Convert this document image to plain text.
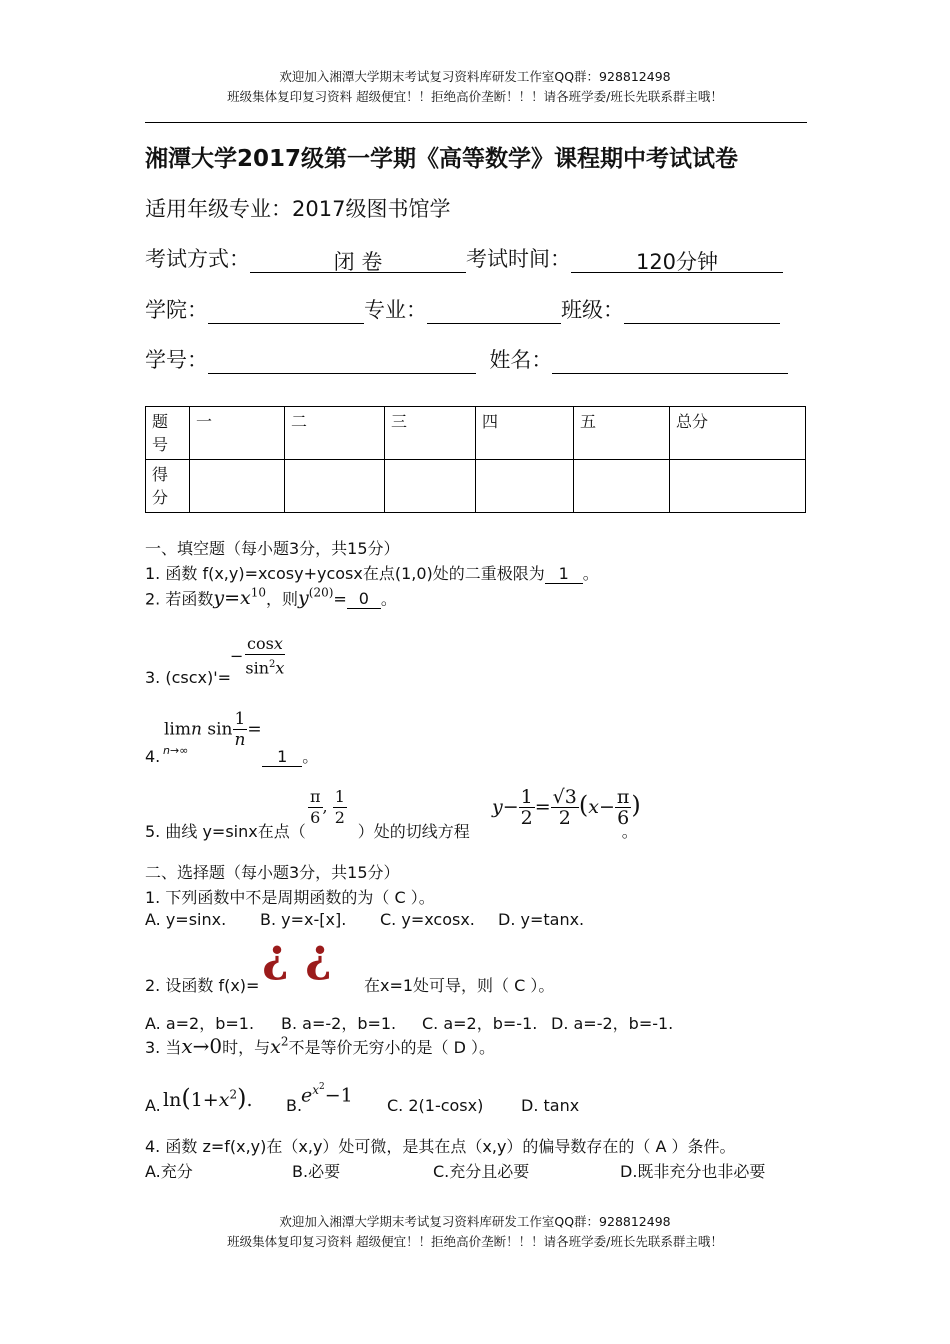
欢迎加入湘潭大学期末考试复习资料库研发工作室QQ群：928812498
班级集体复印复习资料 超级便宜！！拒绝高价垄断！！！请各班学委/班长先联系群主哦！
湘潭大学2017级第一学期《高等数学》课程期中考试试卷
适用年级专业：2017级图书馆学
考试方式：	闭 卷	考试时间：	120分钟
学院：	专业：	班级：
学号：	姓名：
题号	一	二	三	四	五	总分
得分						
一、填空题（每小题3分，共15分）
1. 函数 f(x,y)=xcosy+ycosx在点(1,0)处的二重极限为 1 。
2. 若函数$y=x^{10}$，则$y^{(20)}= 0$ 。
− $\frac{\cos x}{\sin^2x}$
3. (cscx)'=
limn $\sin \frac{1}{n}$ =
n→∞
4.	1 。
$\frac{\pi}{6}$ , $\frac{1}{2}$	$y- \frac{1}{2} = \frac{√3}{2} (x- \frac{\pi}{6}$ )
5. 曲线 y=sinx在点（	）处的切线方程	。
二、选择题（每小题3分，共15分）
1. 下列函数中不是周期函数的为（ C ）。
A. y=sinx. B. y=x-[x]. C. y=xcosx. D. y=tanx.
2. 设函数 f(x)=
¿ ¿
在x=1处可导，则（ C ）。
A. a=2，b=1. B. a=-2，b=1. C. a=2，b=-1. D. a=-2，b=-1.
3. 当x→0时，与$x^2$不是等价无穷小的是（ D ）。
A. $\ln(1+x^2)$. B.
$e^{x^2}-1$ C. 2(1-cosx) D. tanx
4. 函数 z=f(x,y)在（x,y）处可微，是其在点（x,y）的偏导数存在的（ A ）条件。
A.充分	B.必要	C.充分且必要	D.既非充分也非必要
欢迎加入湘潭大学期末考试复习资料库研发工作室QQ群：928812498
班级集体复印复习资料 超级便宜！！拒绝高价垄断！！！请各班学委/班长先联系群主哦！
